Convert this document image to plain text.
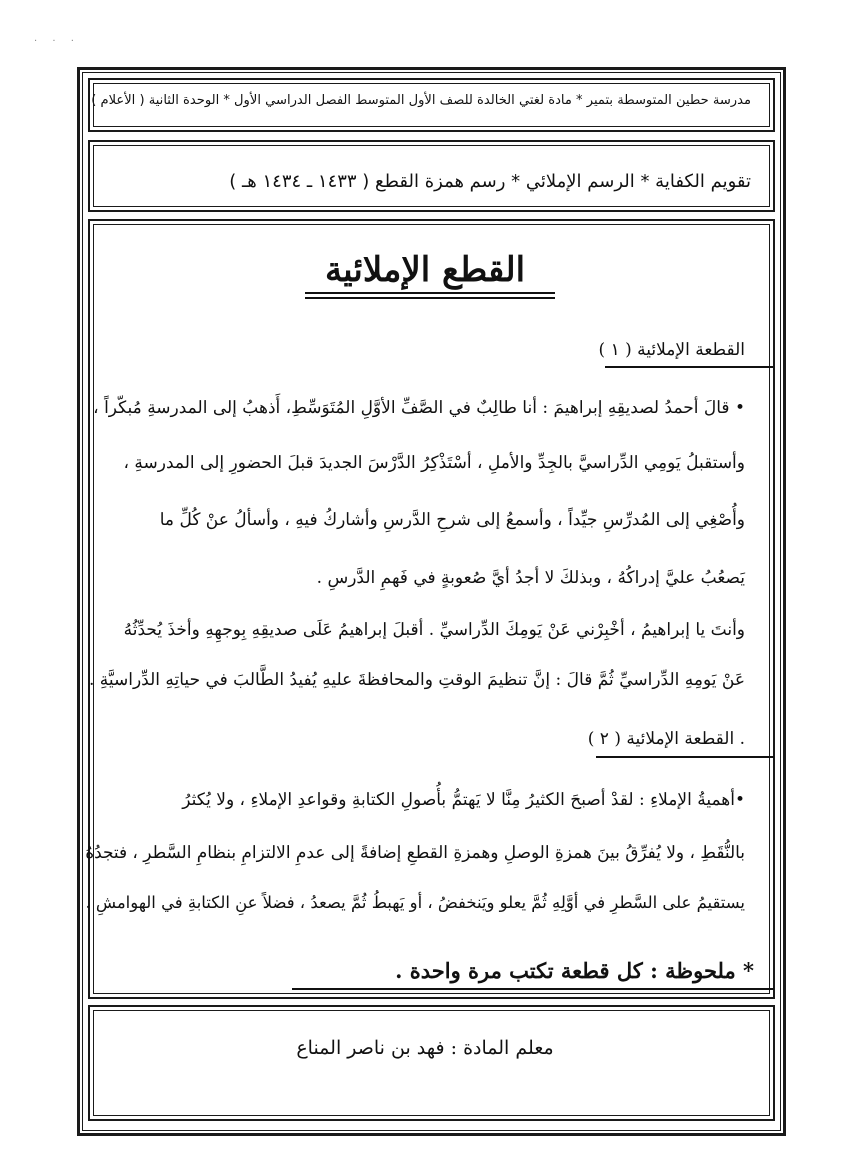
· · ·
مدرسة حطين المتوسطة بتمير * مادة لغتي الخالدة للصف الأول المتوسط الفصل الدراسي الأول * الوحدة الثانية ( الأعلام )
تقويم الكفاية * الرسم الإملائي * رسم همزة القطع ( ١٤٣٣ ـ ١٤٣٤ هـ )
القطع الإملائية
القطعة الإملائية ( ١ )
• قالَ أحمدُ لصديقِهِ إبراهيمَ : أنا طالِبٌ في الصَّفِّ الأوَّلِ المُتَوَسِّطِ، أَذهبُ إلى المدرسةِ مُبكّراً ،
وأستقبلُ يَومِي الدِّراسيَّ بالجِدِّ والأملِ ، أسْتَذْكِرُ الدَّرْسَ الجديدَ قبلَ الحضورِ إلى المدرسةِ ،
وأُصْغِي إلى المُدرِّسِ جيِّداً ، وأسمعُ إلى شرحِ الدَّرسِ وأشاركُ فيهِ ، وأسألُ عنْ كُلِّ ما
يَصعُبُ عليَّ إدراكُهُ ، وبذلكَ لا أجدُ أيَّ صُعوبةٍ في فَهمِ الدَّرسِ .
وأنتَ يا إبراهيمُ ، أخْبِرْني عَنْ يَومِكَ الدِّراسيِّ . أقبلَ إبراهيمُ عَلَى صديقِهِ بِوجهِهِ وأخذَ يُحدِّثُهُ
عَنْ يَومِهِ الدِّراسيِّ ثُمَّ قالَ : إنَّ تنظيمَ الوقتِ والمحافظةَ عليهِ يُفيدُ الطَّالبَ في حياتِهِ الدِّراسيَّةِ .
. القطعة الإملائية ( ٢ )
•أهميةُ الإملاءِ : لقدْ أصبحَ الكثيرُ مِنَّا لا يَهتمُّ بأُصولِ الكتابةِ وقواعدِ الإملاءِ ، ولا يُكثرُ
بالنُّقَطِ ، ولا يُفرِّقُ بينَ همزةِ الوصلِ وهمزةِ القطعِ إضافةً إلى عدمِ الالتزامِ بنظامِ السَّطرِ ، فتجدُهُ
يستقيمُ على السَّطرِ في أوَّلِهِ ثُمَّ يعلو ويَنخفضُ ، أو يَهبطُ ثُمَّ يصعدُ ، فضلاً عنِ الكتابةِ في الهوامشِ .
* ملحوظة : كل قطعة تكتب مرة واحدة .
معلم المادة : فهد بن ناصر المناع
